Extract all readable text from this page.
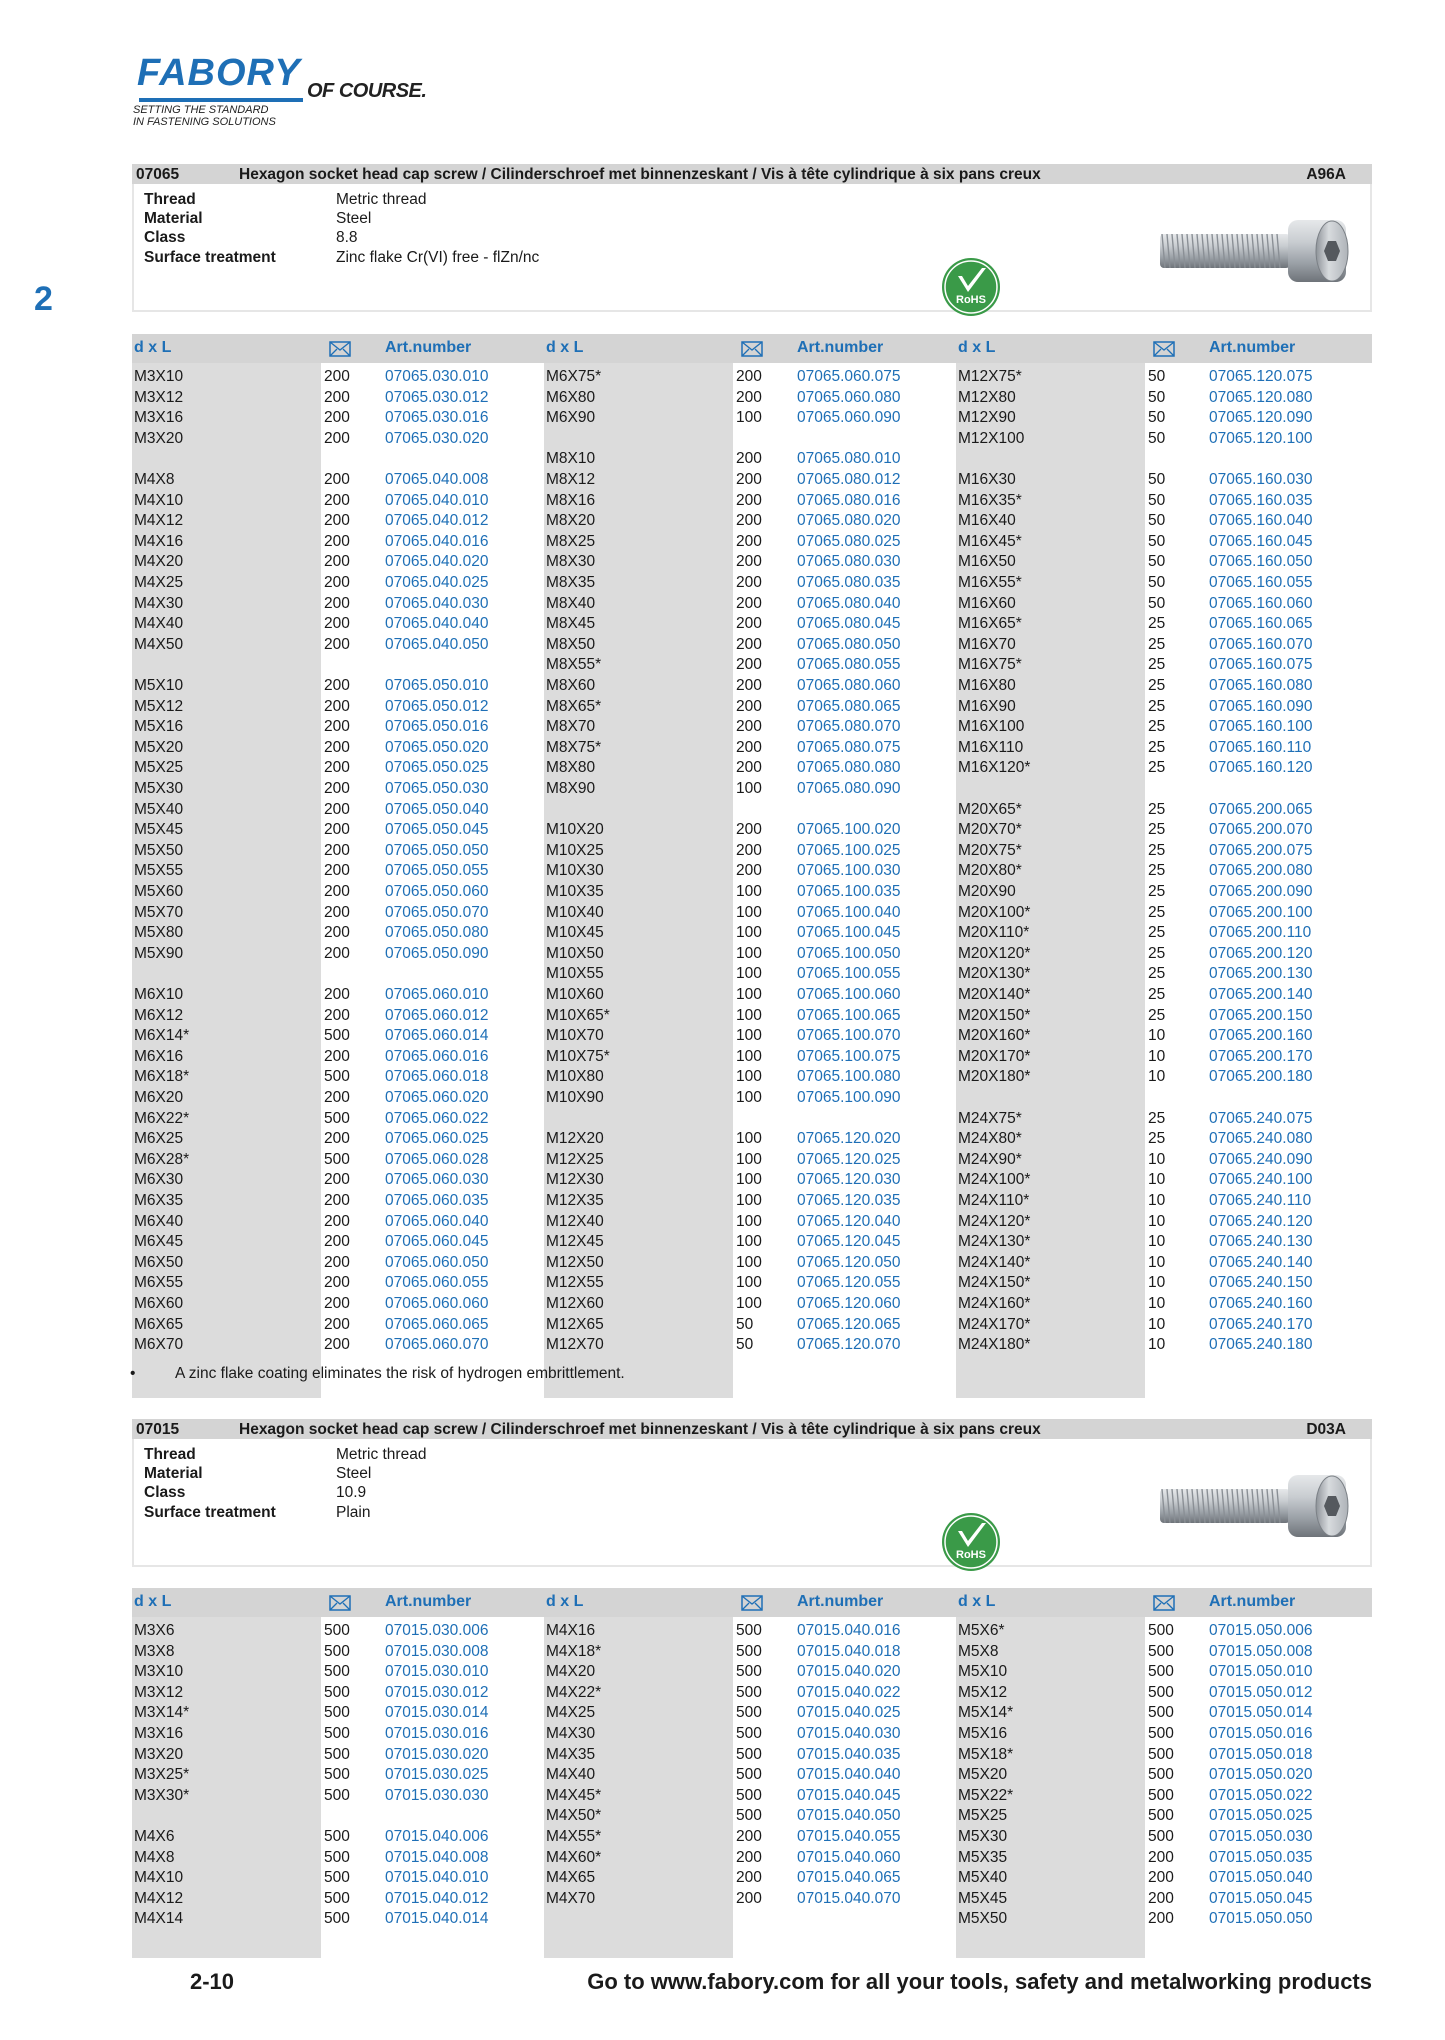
FABORY OF COURSE.
SETTING THE STANDARD
IN FASTENING SOLUTIONS
2
07065	Hexagon socket head cap screw / Cilinderschroef met binnenzeskant / Vis à tête cylindrique à six pans creux	A96A
Thread	Metric thread
Material	Steel
Class	8.8
Surface treatment	Zinc flake Cr(VI) free - flZn/nc
RoHS
d x L	Art.number
M3X10	200 07065.030.010
M3X12	200 07065.030.012
M3X16	200 07065.030.016
M3X20	200 07065.030.020
M4X8	200 07065.040.008
M4X10	200 07065.040.010
M4X12	200 07065.040.012
M4X16	200 07065.040.016
M4X20	200 07065.040.020
M4X25	200 07065.040.025
M4X30	200 07065.040.030
M4X40	200 07065.040.040
M4X50	200 07065.040.050
M5X10	200 07065.050.010
M5X12	200 07065.050.012
M5X16	200 07065.050.016
M5X20	200 07065.050.020
M5X25	200 07065.050.025
M5X30	200 07065.050.030
M5X40	200 07065.050.040
M5X45	200 07065.050.045
M5X50	200 07065.050.050
M5X55	200 07065.050.055
M5X60	200 07065.050.060
M5X70	200 07065.050.070
M5X80	200 07065.050.080
M5X90	200 07065.050.090
M6X10	200 07065.060.010
M6X12	200 07065.060.012
M6X14*	500 07065.060.014
M6X16	200 07065.060.016
M6X18*	500 07065.060.018
M6X20	200 07065.060.020
M6X22*	500 07065.060.022
M6X25	200 07065.060.025
M6X28*	500 07065.060.028
M6X30	200 07065.060.030
M6X35	200 07065.060.035
M6X40	200 07065.060.040
M6X45	200 07065.060.045
M6X50	200 07065.060.050
M6X55	200 07065.060.055
M6X60	200 07065.060.060
M6X65	200 07065.060.065
M6X70	200 07065.060.070
d x L	Art.number
M6X75*	200 07065.060.075
M6X80	200 07065.060.080
M6X90	100 07065.060.090
M8X10	200 07065.080.010
M8X12	200 07065.080.012
M8X16	200 07065.080.016
M8X20	200 07065.080.020
M8X25	200 07065.080.025
M8X30	200 07065.080.030
M8X35	200 07065.080.035
M8X40	200 07065.080.040
M8X45	200 07065.080.045
M8X50	200 07065.080.050
M8X55*	200 07065.080.055
M8X60	200 07065.080.060
M8X65*	200 07065.080.065
M8X70	200 07065.080.070
M8X75*	200 07065.080.075
M8X80	200 07065.080.080
M8X90	100 07065.080.090
M10X20	200 07065.100.020
M10X25	200 07065.100.025
M10X30	200 07065.100.030
M10X35	100 07065.100.035
M10X40	100 07065.100.040
M10X45	100 07065.100.045
M10X50	100 07065.100.050
M10X55	100 07065.100.055
M10X60	100 07065.100.060
M10X65*	100 07065.100.065
M10X70	100 07065.100.070
M10X75*	100 07065.100.075
M10X80	100 07065.100.080
M10X90	100 07065.100.090
M12X20	100 07065.120.020
M12X25	100 07065.120.025
M12X30	100 07065.120.030
M12X35	100 07065.120.035
M12X40	100 07065.120.040
M12X45	100 07065.120.045
M12X50	100 07065.120.050
M12X55	100 07065.120.055
M12X60	100 07065.120.060
M12X65	50	07065.120.065
M12X70	50	07065.120.070
d x L	Art.number
M12X75*	50	07065.120.075
M12X80	50	07065.120.080
M12X90	50	07065.120.090
M12X100	50	07065.120.100
M16X30	50	07065.160.030
M16X35*	50	07065.160.035
M16X40	50	07065.160.040
M16X45*	50	07065.160.045
M16X50	50	07065.160.050
M16X55*	50	07065.160.055
M16X60	50	07065.160.060
M16X65*	25	07065.160.065
M16X70	25	07065.160.070
M16X75*	25	07065.160.075
M16X80	25	07065.160.080
M16X90	25	07065.160.090
M16X100	25	07065.160.100
M16X110	25	07065.160.110
M16X120*	25	07065.160.120
M20X65*	25	07065.200.065
M20X70*	25	07065.200.070
M20X75*	25	07065.200.075
M20X80*	25	07065.200.080
M20X90	25	07065.200.090
M20X100*	25	07065.200.100
M20X110*	25	07065.200.110
M20X120*	25	07065.200.120
M20X130*	25	07065.200.130
M20X140*	25	07065.200.140
M20X150*	25	07065.200.150
M20X160*	10	07065.200.160
M20X170*	10	07065.200.170
M20X180*	10	07065.200.180
M24X75*	25	07065.240.075
M24X80*	25	07065.240.080
M24X90*	10	07065.240.090
M24X100*	10	07065.240.100
M24X110*	10	07065.240.110
M24X120*	10	07065.240.120
M24X130*	10	07065.240.130
M24X140*	10	07065.240.140
M24X150*	10	07065.240.150
M24X160*	10	07065.240.160
M24X170*	10	07065.240.170
M24X180*	10	07065.240.180
07015	Hexagon socket head cap screw / Cilinderschroef met binnenzeskant / Vis à tête cylindrique à six pans creux	D03A
Thread	Metric thread
Material	Steel
Class	10.9
Surface treatment	Plain
RoHS
d x L	Art.number
M3X6	500 07015.030.006
M3X8	500 07015.030.008
M3X10	500 07015.030.010
M3X12	500 07015.030.012
M3X14*	500 07015.030.014
M3X16	500 07015.030.016
M3X20	500 07015.030.020
M3X25*	500 07015.030.025
M3X30*	500 07015.030.030
M4X6	500 07015.040.006
M4X8	500 07015.040.008
M4X10	500 07015.040.010
M4X12	500 07015.040.012
M4X14	500 07015.040.014
d x L	Art.number
M4X16	500 07015.040.016
M4X18*	500 07015.040.018
M4X20	500 07015.040.020
M4X22*	500 07015.040.022
M4X25	500 07015.040.025
M4X30	500 07015.040.030
M4X35	500 07015.040.035
M4X40	500 07015.040.040
M4X45*	500 07015.040.045
M4X50*	500 07015.040.050
M4X55*	200 07015.040.055
M4X60*	200 07015.040.060
M4X65	200 07015.040.065
M4X70	200 07015.040.070
d x L	Art.number
M5X6*	500 07015.050.006
M5X8	500 07015.050.008
M5X10	500 07015.050.010
M5X12	500 07015.050.012
M5X14*	500 07015.050.014
M5X16	500 07015.050.016
M5X18*	500 07015.050.018
M5X20	500 07015.050.020
M5X22*	500 07015.050.022
M5X25	500 07015.050.025
M5X30	500 07015.050.030
M5X35	200 07015.050.035
M5X40	200 07015.050.040
M5X45	200 07015.050.045
M5X50	200 07015.050.050
•	A zinc flake coating eliminates the risk of hydrogen embrittlement.
2-10	Go to www.fabory.com for all your tools, safety and metalworking products
